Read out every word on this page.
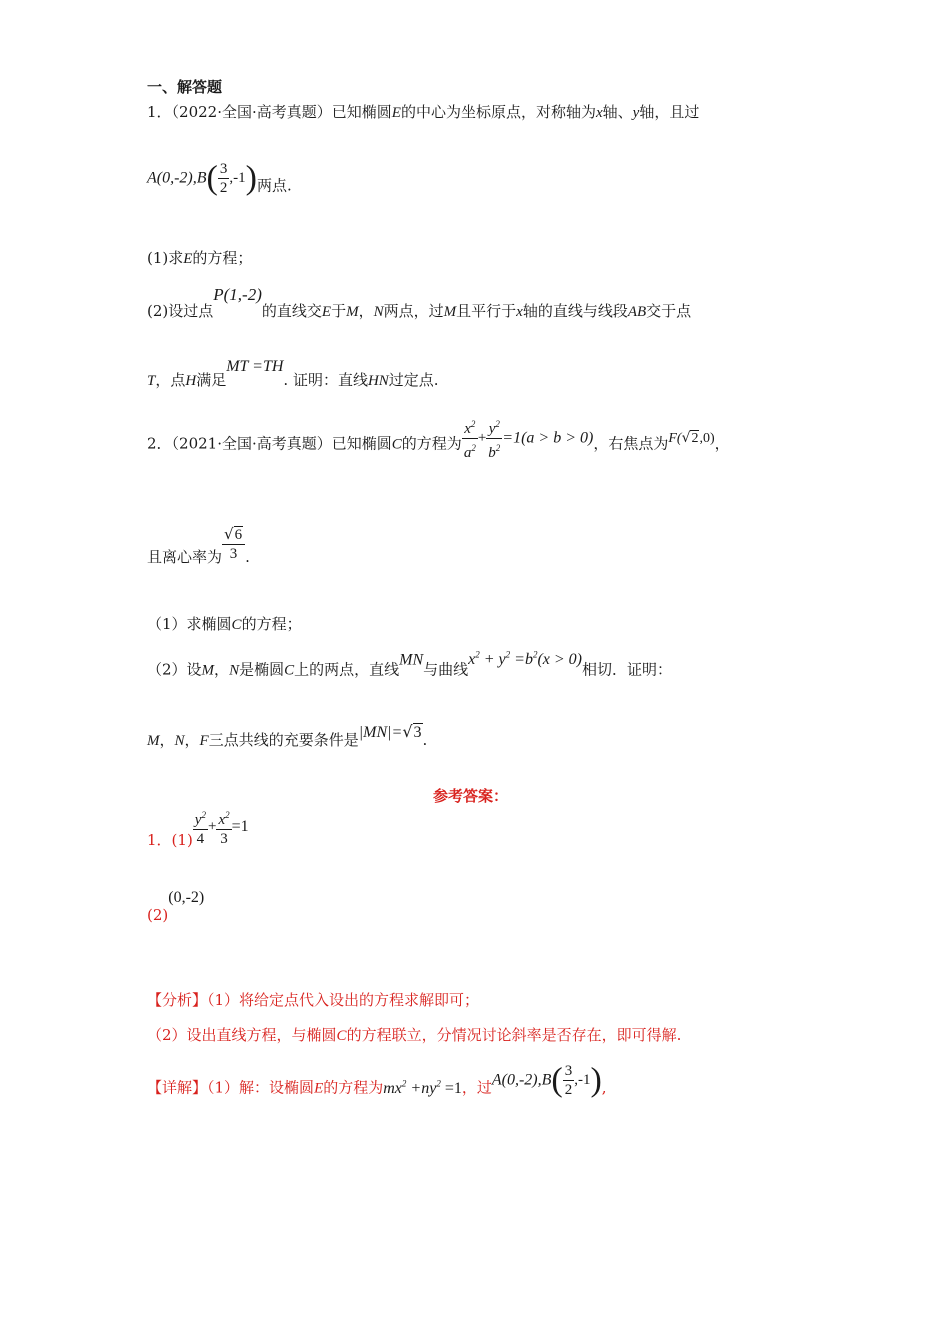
一、解答题
1．（2022·全国·高考真题）已知椭圆E的中心为坐标原点，对称轴为x轴、y轴，且过
$A(0,-2),B( \frac{3}{2} ,-1)$两点.
(1)求E的方程；
(2)设过点P(1,-2)的直线交E于M，N两点，过M且平行于x轴的直线与线段AB交于点
T，点H满足MT =TH. 证明：直线HN过定点.
2．（2021·全国·高考真题）已知椭圆C的方程为 $\frac{x^2}{a^2} + \frac{y^2}{b^2} =1(a > b > 0)$，右焦点为F(√2,0)，
且离心率为 $\frac{√6}{3}$ .
（1）求椭圆C的方程；
（2）设M，N是椭圆C上的两点，直线MN与曲线$x^2 + y^2 =b^2(x > 0)$相切．证明：
M，N，F三点共线的充要条件是|MN|=√3.
参考答案：
1．$(1) \frac{y^2}{4} + \frac{x^2}{3} =1$
(2)(0,-2)
【分析】（1）将给定点代入设出的方程求解即可；
（2）设出直线方程，与椭圆C的方程联立，分情况讨论斜率是否存在，即可得解.
【详解】（1）解：设椭圆E的方程为$mx^2 +ny^2 =1$，过$A(0,-2),B( \frac{3}{2} ,-1)$,
